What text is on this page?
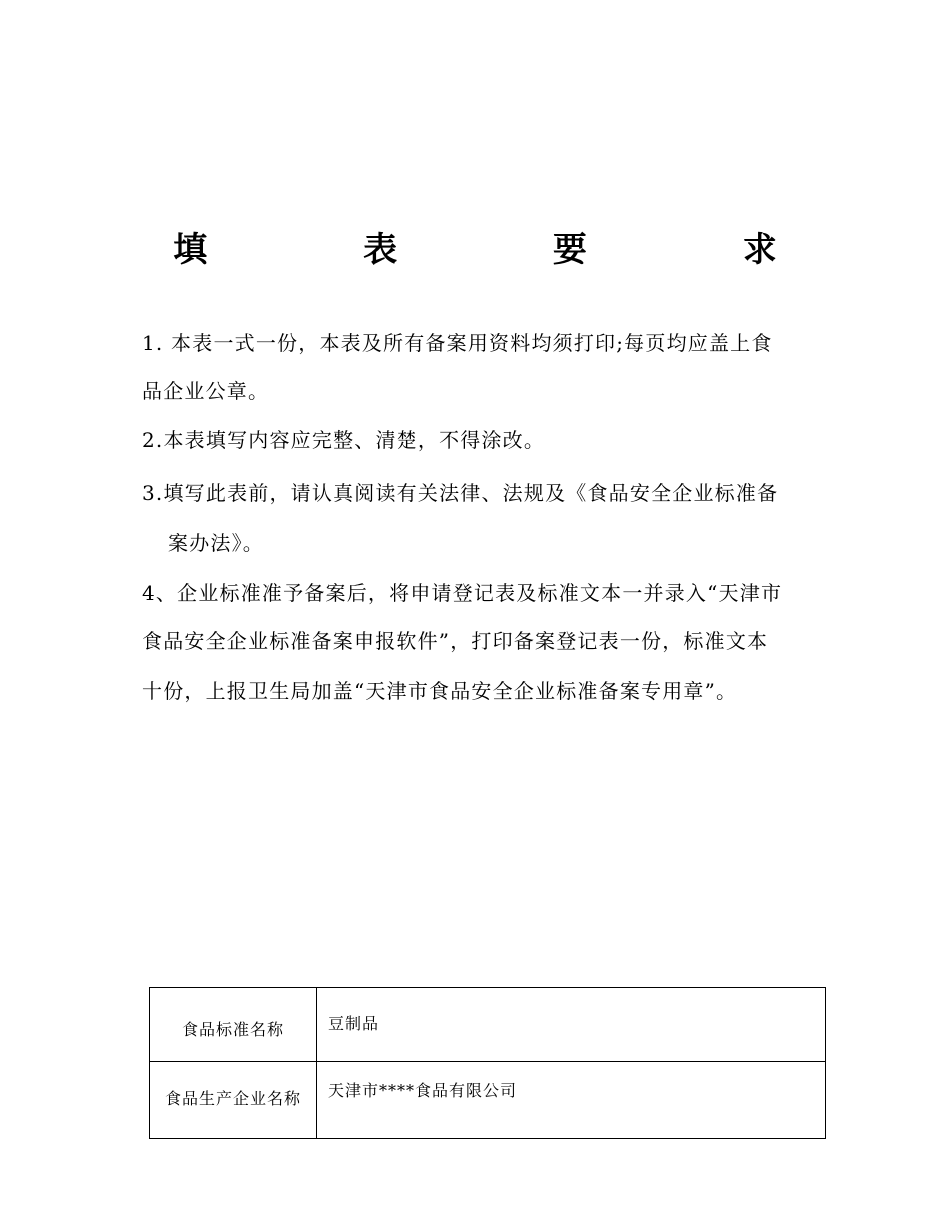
填 表 要 求
1. 本表一式一份，本表及所有备案用资料均须打印;每页均应盖上食
品企业公章。
2.本表填写内容应完整、清楚，不得涂改。
3.填写此表前，请认真阅读有关法律、法规及《食品安全企业标准备
案办法》。
4、企业标准准予备案后，将申请登记表及标准文本一并录入“天津市
食品安全企业标准备案申报软件”，打印备案登记表一份，标准文本
十份，上报卫生局加盖“天津市食品安全企业标准备案专用章”。
食品标准名称	豆制品
食品生产企业名称	天津市****食品有限公司
